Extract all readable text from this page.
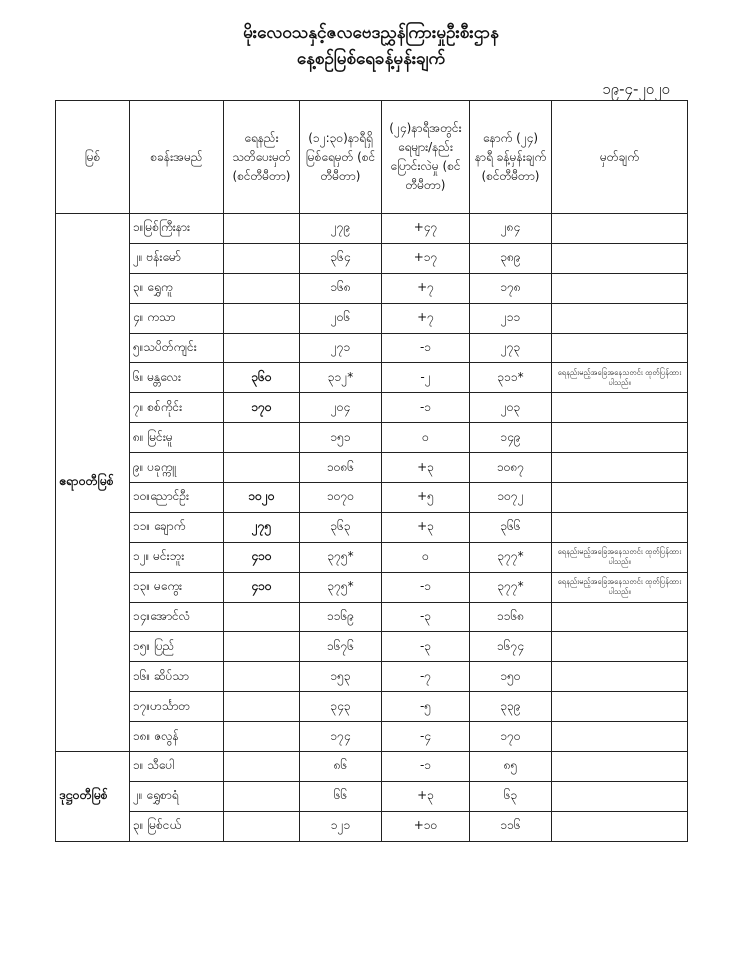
မိုးလေဝသနှင့်ဇလဗေဒညွှန်ကြားမှုဦးစီးဌာန
နေ့စဉ်မြစ်ရေခန့်မှန်းချက်
၁၉-၄-၂၀၂၀
မြစ်	စခန်းအမည်	ရေနည်း သတိပေးမှတ် (စင်တီမီတာ)	(၁၂:၃၀)နာရီရှိ မြစ်ရေမှတ် (စင်တီမီတာ)	(၂၄)နာရီအတွင်း ရေများ/နည်းပြောင်းလဲမှု (စင်တီမီတာ)	နောက် (၂၄) နာရီ ခန့်မှန်းချက် (စင်တီမီတာ)	မှတ်ချက်
ဧရာဝတီမြစ်	၁။မြစ်ကြီးနား		၂၇၉	+၄၇	၂၈၄	
	၂။ ဗန်းမော်		၃၆၄	+၁၇	၃၈၉	
	၃။ ရွှေကူ		၁၆၈	+၇	၁၇၈	
	၄။ ကသာ		၂၀၆	+၇	၂၁၁	
	၅။သပိတ်ကျင်း		၂၇၁	-၁	၂၇၃	
	၆။ မန္တလေး	၃၆၀	၃၁၂*	-၂	၃၁၁*	ရေနည်းမည့်အခြေအနေသတင်း ထုတ်ပြန်ထားပါသည်။
	၇။ စစ်ကိုင်း	၁၇၀	၂၀၄	-၁	၂၀၃	
	၈။ မြင်းမူ		၁၅၁	၀	၁၄၉	
	၉။ ပခုက္ကူ		၁၀၈၆	+၃	၁၀၈၇	
	၁၀။ညောင်ဦး	၁၀၂၀	၁၀၇၀	+၅	၁၀၇၂	
	၁၁။ ချောက်	၂၇၅	၃၆၃	+၃	၃၆၆	
	၁၂။ မင်းဘူး	၄၁၀	၃၇၅*	၀	၃၇၇*	ရေနည်းမည့်အခြေအနေသတင်း ထုတ်ပြန်ထားပါသည်။
	၁၃။ မကွေး	၄၁၀	၃၇၅*	-၁	၃၇၇*	ရေနည်းမည့်အခြေအနေသတင်း ထုတ်ပြန်ထားပါသည်။
	၁၄။အောင်လံ		၁၁၆၉	-၃	၁၁၆၈	
	၁၅။ ပြည်		၁၆၇၆	-၃	၁၆၇၄	
	၁၆။ ဆိပ်သာ		၁၅၃	-၇	၁၅၀	
	၁၇။ဟင်္သာတ		၃၄၃	-၅	၃၃၉	
	၁၈။ ဇလွန်		၁၇၄	-၄	၁၇၀	
ဒုဋ္ဌဝတီမြစ်	၁။ သီပေါ		၈၆	-၁	၈၅	
	၂။ ရွှေစာရံ		၆၆	+၃	၆၃	
	၃။ မြစ်ငယ်		၁၂၁	+၁၀	၁၁၆	
